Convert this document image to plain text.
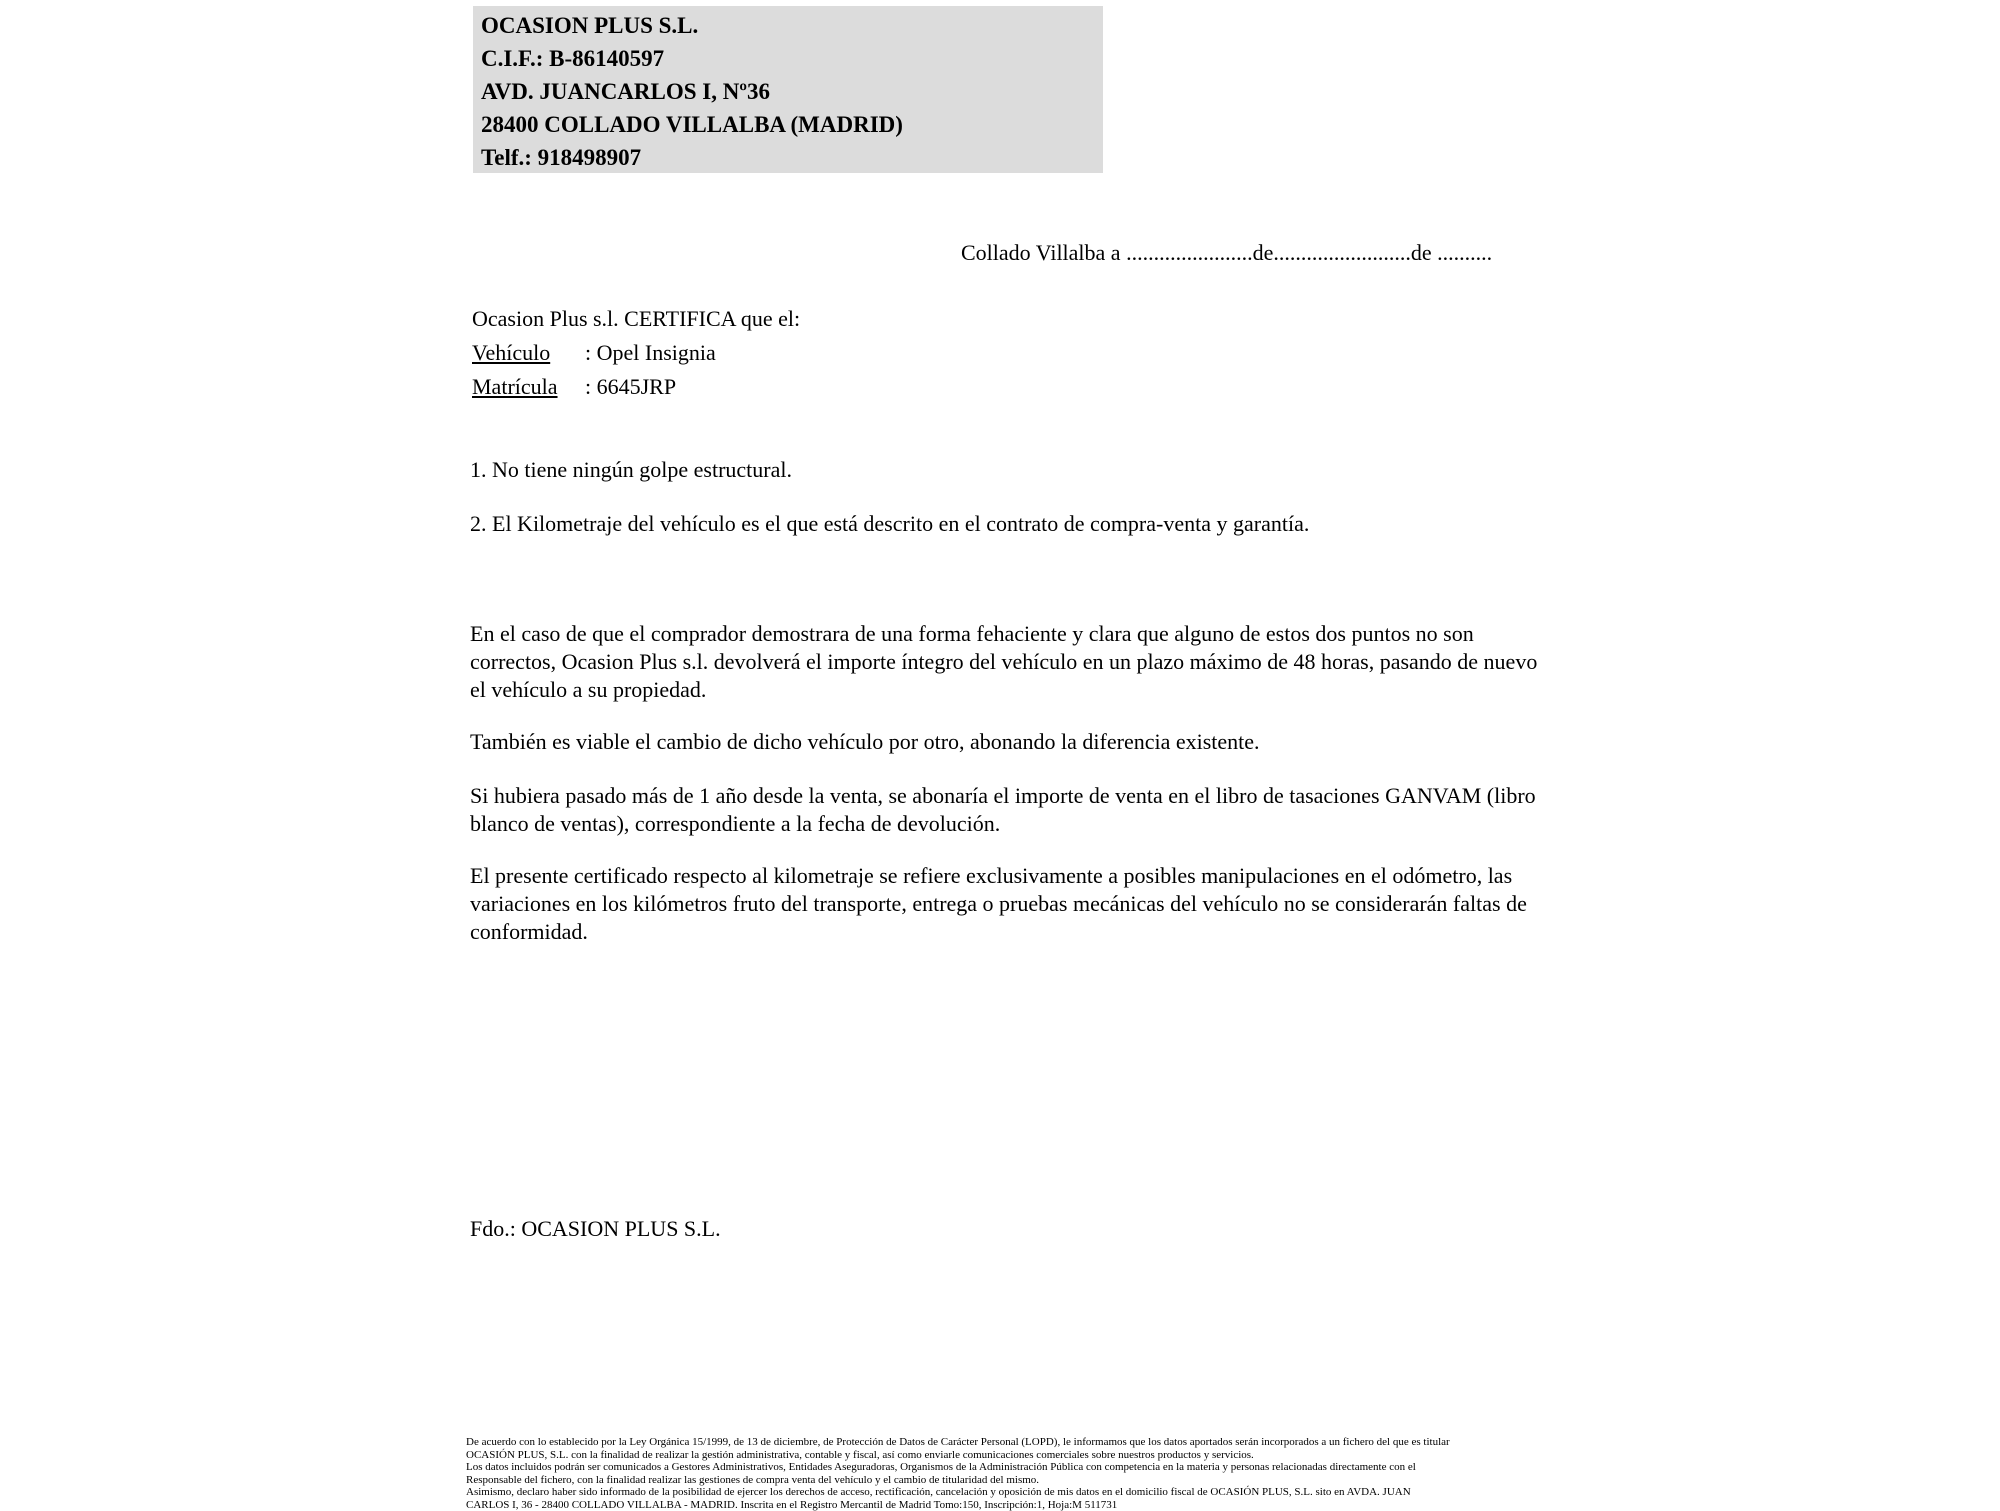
OCASION PLUS S.L.
C.I.F.: B-86140597
AVD. JUANCARLOS I, Nº36
28400 COLLADO VILLALBA (MADRID)
Telf.: 918498907
Collado Villalba a .......................de.........................de ..........
Ocasion Plus s.l. CERTIFICA que el:
Vehículo : Opel Insignia
Matrícula : 6645JRP
1. No tiene ningún golpe estructural.
2. El Kilometraje del vehículo es el que está descrito en el contrato de compra-venta y garantía.
En el caso de que el comprador demostrara de una forma fehaciente y clara que alguno de estos dos puntos no son correctos, Ocasion Plus s.l. devolverá el importe íntegro del vehículo en un plazo máximo de 48 horas, pasando de nuevo el vehículo a su propiedad.
También es viable el cambio de dicho vehículo por otro, abonando la diferencia existente.
Si hubiera pasado más de 1 año desde la venta, se abonaría el importe de venta en el libro de tasaciones GANVAM (libro blanco de ventas), correspondiente a la fecha de devolución.
El presente certificado respecto al kilometraje se refiere exclusivamente a posibles manipulaciones en el odómetro, las variaciones en los kilómetros fruto del transporte, entrega o pruebas mecánicas del vehículo no se considerarán faltas de conformidad.
Fdo.: OCASION PLUS S.L.
De acuerdo con lo establecido por la Ley Orgánica 15/1999, de 13 de diciembre, de Protección de Datos de Carácter Personal (LOPD), le informamos que los datos aportados serán incorporados a un fichero del que es titular
OCASIÓN PLUS, S.L. con la finalidad de realizar la gestión administrativa, contable y fiscal, así como enviarle comunicaciones comerciales sobre nuestros productos y servicios.
Los datos incluidos podrán ser comunicados a Gestores Administrativos, Entidades Aseguradoras, Organismos de la Administración Pública con competencia en la materia y personas relacionadas directamente con el
Responsable del fichero, con la finalidad realizar las gestiones de compra venta del vehículo y el cambio de titularidad del mismo.
Asimismo, declaro haber sido informado de la posibilidad de ejercer los derechos de acceso, rectificación, cancelación y oposición de mis datos en el domicilio fiscal de OCASIÓN PLUS, S.L. sito en AVDA. JUAN
CARLOS I, 36 - 28400 COLLADO VILLALBA - MADRID. Inscrita en el Registro Mercantil de Madrid Tomo:150, Inscripción:1, Hoja:M 511731
